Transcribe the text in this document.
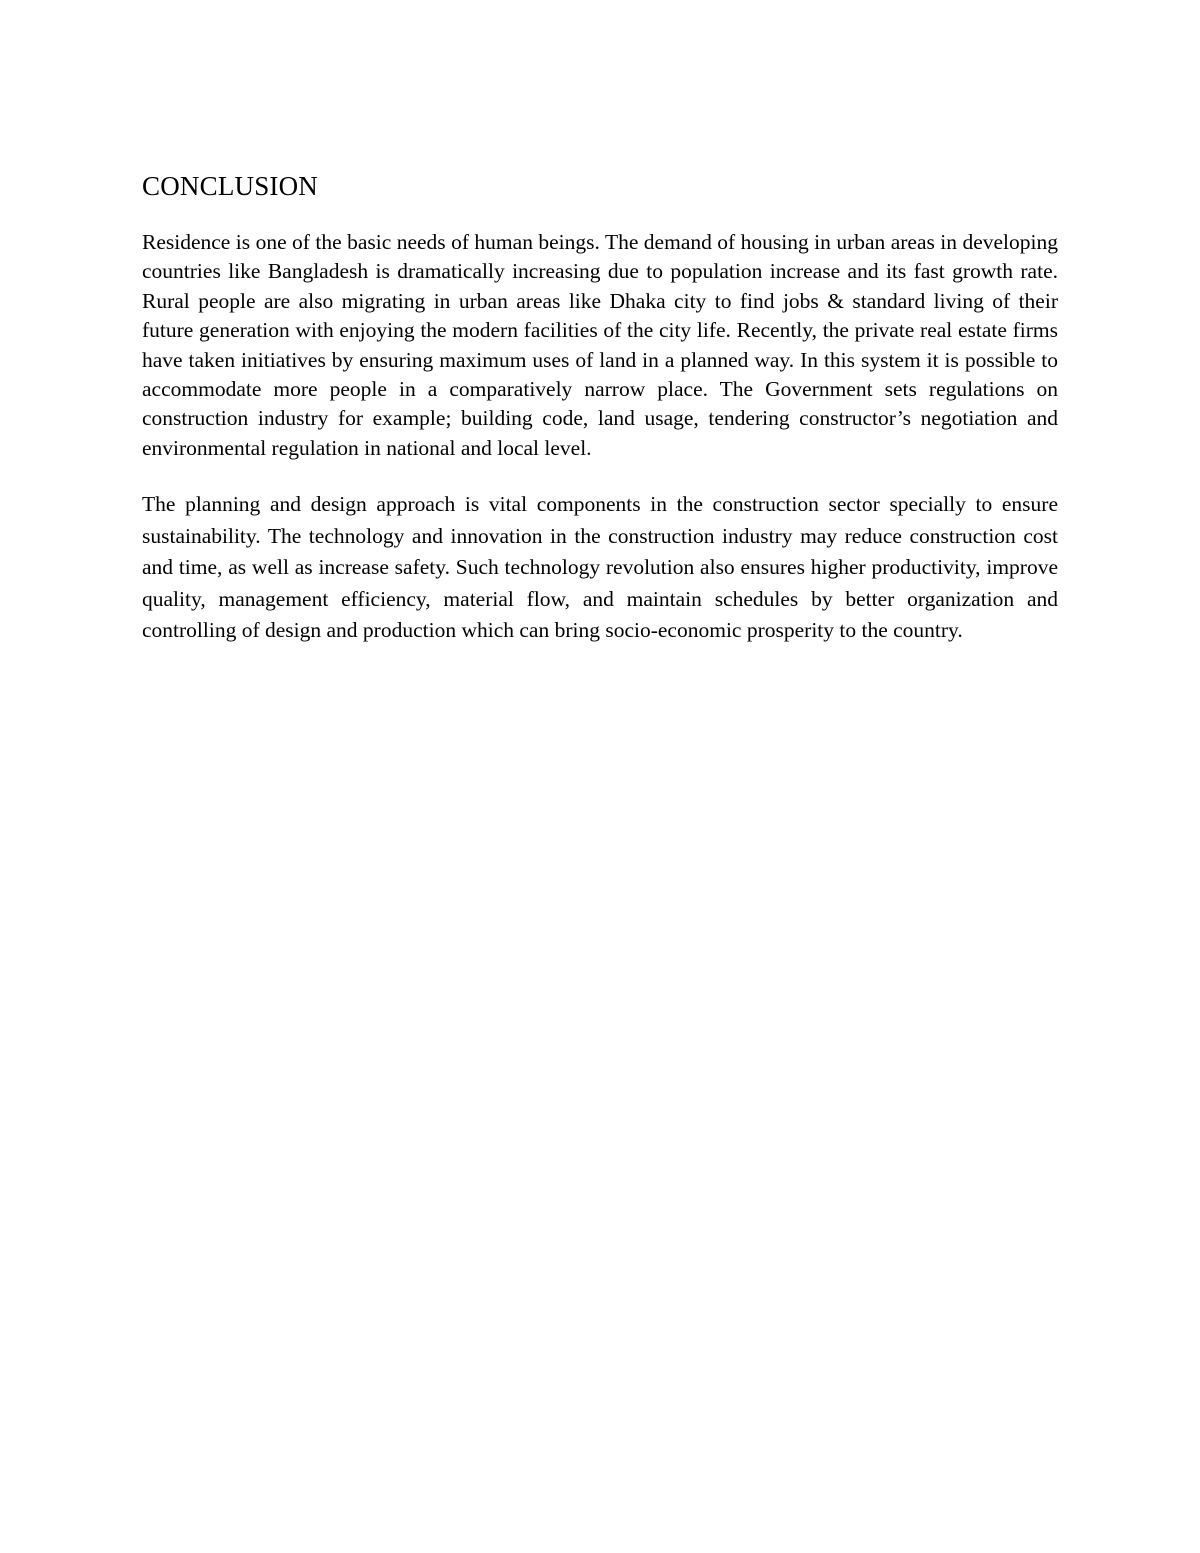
CONCLUSION

Residence is one of the basic needs of human beings. The demand of housing in urban areas in developing countries like Bangladesh is dramatically increasing due to population increase and its fast growth rate. Rural people are also migrating in urban areas like Dhaka city to find jobs & standard living of their future generation with enjoying the modern facilities of the city life. Recently, the private real estate firms have taken initiatives by ensuring maximum uses of land in a planned way. In this system it is possible to accommodate more people in a comparatively narrow place. The Government sets regulations on construction industry for example; building code, land usage, tendering constructor’s negotiation and environmental regulation in national and local level.

The planning and design approach is vital components in the construction sector specially to ensure sustainability. The technology and innovation in the construction industry may reduce construction cost and time, as well as increase safety. Such technology revolution also ensures higher productivity, improve quality, management efficiency, material flow, and maintain schedules by better organization and controlling of design and production which can bring socio-economic prosperity to the country.
